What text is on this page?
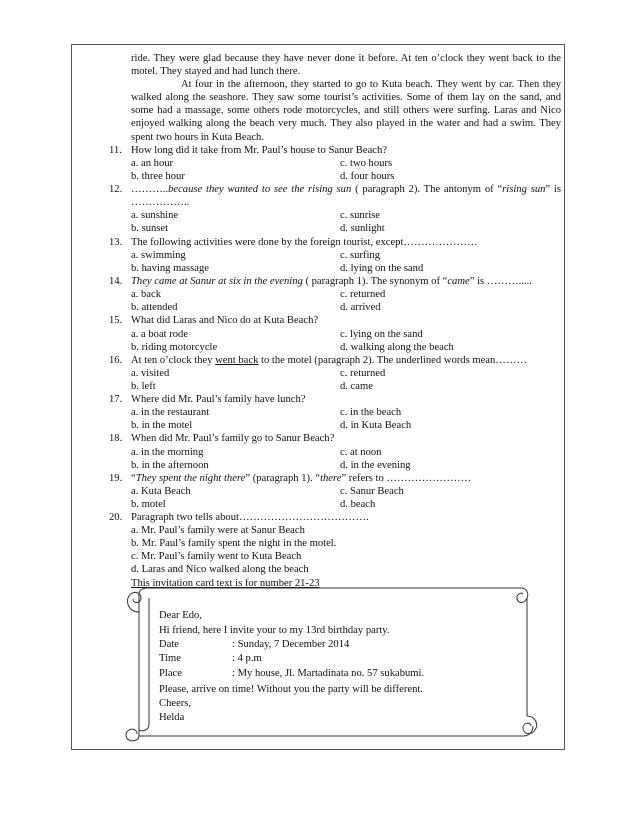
ride. They were glad because they have never done it before. At ten o’clock they went back to the motel. They stayed and had lunch there.

At four in the afternoon, they started to go to Kuta beach. They went by car. Then they walked along the seashore. They saw some tourist’s activities. Some of them lay on the sand, and some had a massage, some others rode motorcycles, and still others were surfing. Laras and Nico enjoyed walking along the beach very much. They also played in the water and had a swim. They spent two hours in Kuta Beach.

11. How long did it take from Mr. Paul’s house to Sanur Beach?
a. an hour	c. two hours
b. three hour	d. four hours
12. ………..because they wanted to see the rising sun ( paragraph 2). The antonym of “rising sun” is ……………..
a. sunshine	c. sunrise
b. sunset	d. sunlight
13. The following activities were done by the foreign tourist, except…………………
a. swimming	c. surfing
b. having massage	d. lying on the sand
14. They came at Sanur at six in the evening ( paragraph 1). The synonym of “came” is ……….....
a. back	c. returned
b. attended	d. arrived
15. What did Laras and Nico do at Kuta Beach?
a. a boat rode	c. lying on the sand
b. riding motorcycle	d. walking along the beach
16. At ten o’clock they went back to the motel (paragraph 2). The underlined words mean………
a. visited	c. returned
b. left	d. came
17. Where did Mr. Paul’s family have lunch?
a. in the restaurant	c. in the beach
b. in the motel	d. in Kuta Beach
18. When did Mr. Paul’s family go to Sanur Beach?
a. in the morning	c. at noon
b. in the afternoon	d. in the evening
19. “They spent the night there” (paragraph 1). “there” refers to ……………………
a. Kuta Beach	c. Sanur Beach
b. motel	d. beach
20. Paragraph two tells about……………………………….
a. Mr. Paul’s family were at Sanur Beach
b. Mr. Paul’s family spent the night in the motel.
c. Mr. Paul’s family went to Kuta Beach
d. Laras and Nico walked along the beach
This invitation card text is for number 21-23
Dear Edo,
Hi friend, here I invite your to my 13rd birthday party.
Date	: Sunday, 7 December 2014
Time	: 4 p.m
Place	: My house, Jl. Martadinata no. 57 sukabumi.
Please, arrive on time! Without you the party will be different.
Cheers,
Helda
